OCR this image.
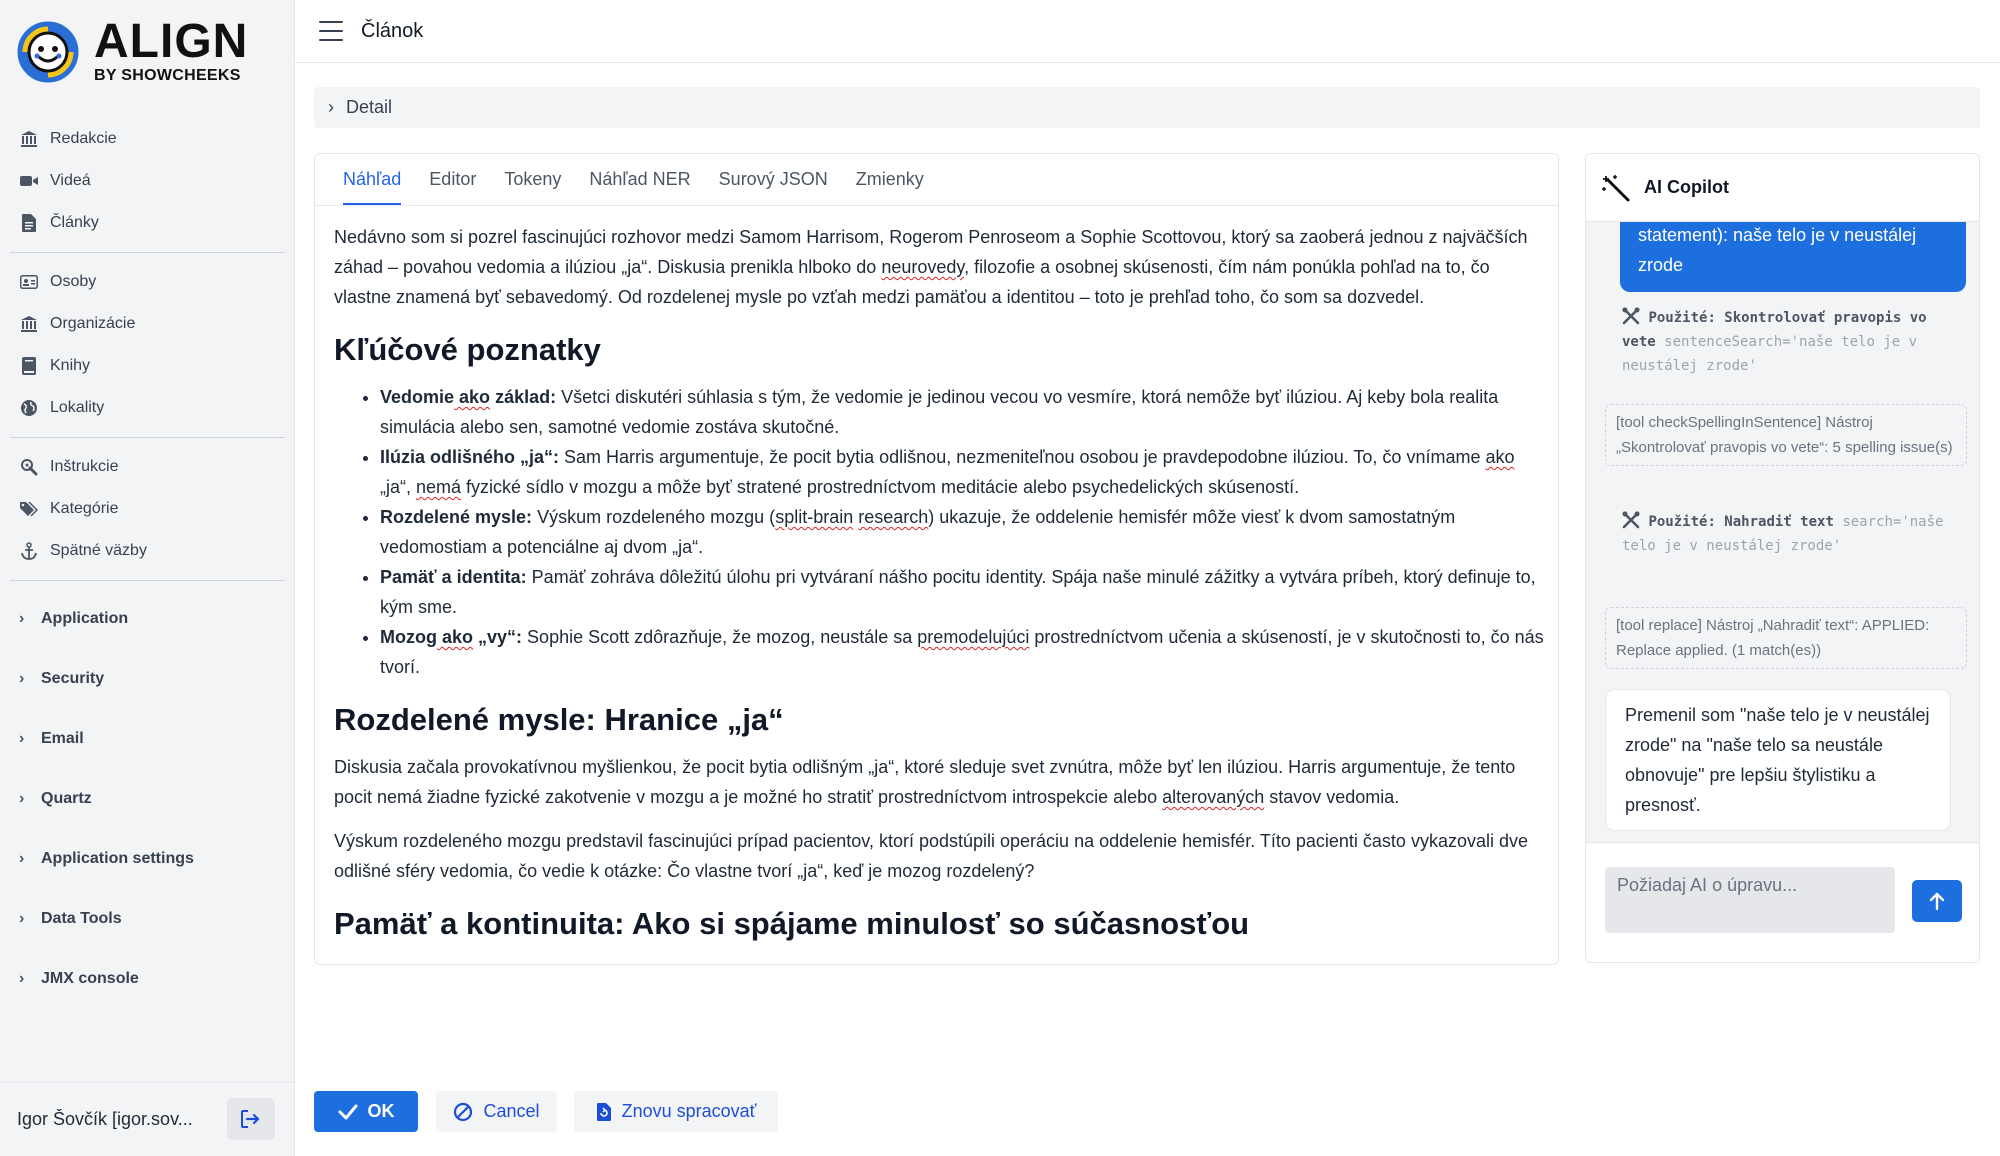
ALIGN
BY SHOWCHEEKS
Redakcie
Videá
Články
Osoby
Organizácie
Knihy
Lokality
Inštrukcie
Kategórie
Spätné väzby
› Application
› Security
› Email
› Quartz
› Application settings
› Data Tools
› JMX console
Igor Šovčík [igor.sov...
Článok
› Detail
Náhľad Editor Tokeny Náhľad NER Surový JSON Zmienky

Nedávno som si pozrel fascinujúci rozhovor medzi Samom Harrisom, Rogerom Penroseom a Sophie Scottovou, ktorý sa zaoberá jednou z najväčších záhad – povahou vedomia a ilúziou „ja“. Diskusia prenikla hlboko do neurovedy, filozofie a osobnej skúsenosti, čím nám ponúkla pohľad na to, čo vlastne znamená byť sebavedomý. Od rozdelenej mysle po vzťah medzi pamäťou a identitou – toto je prehľad toho, čo som sa dozvedel.

Kľúčové poznatky
• Vedomie ako základ: Všetci diskutéri súhlasia s tým, že vedomie je jedinou vecou vo vesmíre, ktorá nemôže byť ilúziou. Aj keby bola realita simulácia alebo sen, samotné vedomie zostáva skutočné.
• Ilúzia odlišného „ja“: Sam Harris argumentuje, že pocit bytia odlišnou, nezmeniteľnou osobou je pravdepodobne ilúziou. To, čo vnímame ako „ja“, nemá fyzické sídlo v mozgu a môže byť stratené prostredníctvom meditácie alebo psychedelických skúseností.
• Rozdelené mysle: Výskum rozdeleného mozgu (split-brain research) ukazuje, že oddelenie hemisfér môže viesť k dvom samostatným vedomostiam a potenciálne aj dvom „ja“.
• Pamäť a identita: Pamäť zohráva dôležitú úlohu pri vytváraní nášho pocitu identity. Spája naše minulé zážitky a vytvára príbeh, ktorý definuje to, kým sme.
• Mozog ako „vy“: Sophie Scott zdôrazňuje, že mozog, neustále sa premodelujúci prostredníctvom učenia a skúseností, je v skutočnosti to, čo nás tvorí.
Rozdelené mysle: Hranice „ja“

Diskusia začala provokatívnou myšlienkou, že pocit bytia odlišným „ja“, ktoré sleduje svet zvnútra, môže byť len ilúziou. Harris argumentuje, že tento pocit nemá žiadne fyzické zakotvenie v mozgu a je možné ho stratiť prostredníctvom introspekcie alebo alterovaných stavov vedomia.

Výskum rozdeleného mozgu predstavil fascinujúci prípad pacientov, ktorí podstúpili operáciu na oddelenie hemisfér. Títo pacienti často vykazovali dve odlišné sféry vedomia, čo vedie k otázke: Čo vlastne tvorí „ja“, keď je mozog rozdelený?

Pamäť a kontinuita: Ako si spájame minulosť so súčasnosťou
AI Copilot
statement): naše telo je v neustálej zrode
Použité: Skontrolovať pravopis vo vete sentenceSearch='naše telo je v neustálej zrode'
[tool checkSpellingInSentence] Nástroj „Skontrolovať pravopis vo vete“: 5 spelling issue(s)
Použité: Nahradiť text search='naše telo je v neustálej zrode'
[tool replace] Nástroj „Nahradiť text“: APPLIED: Replace applied. (1 match(es))
Premenil som "naše telo je v neustálej zrode" na "naše telo sa neustále obnovuje" pre lepšiu štylistiku a presnosť.
Požiadaj AI o úpravu...
OK	Cancel	Znovu spracovať
